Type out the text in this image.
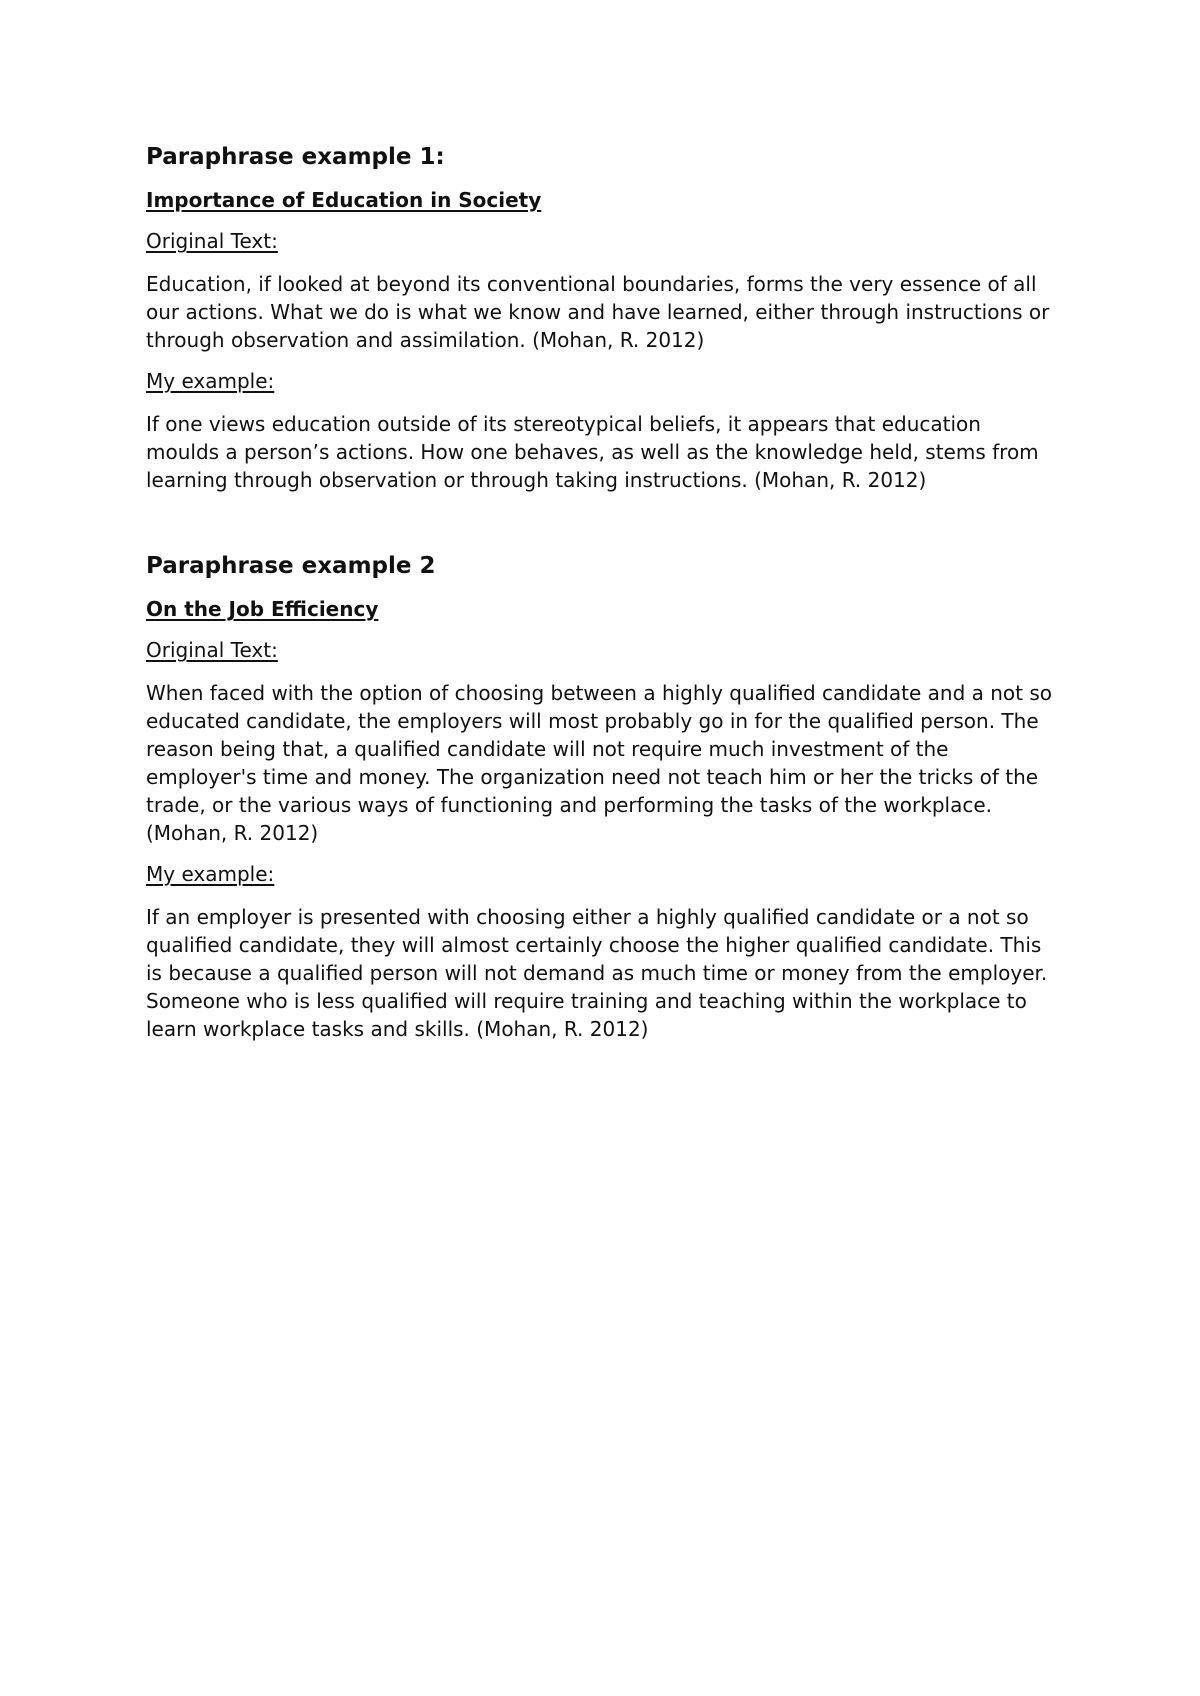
Paraphrase example 1:

Importance of Education in Society

Original Text:

Education, if looked at beyond its conventional boundaries, forms the very essence of all our actions. What we do is what we know and have learned, either through instructions or through observation and assimilation. (Mohan, R. 2012)

My example:

If one views education outside of its stereotypical beliefs, it appears that education moulds a person’s actions. How one behaves, as well as the knowledge held, stems from learning through observation or through taking instructions. (Mohan, R. 2012)

Paraphrase example 2

On the Job Efficiency

Original Text:

When faced with the option of choosing between a highly qualified candidate and a not so educated candidate, the employers will most probably go in for the qualified person. The reason being that, a qualified candidate will not require much investment of the employer's time and money. The organization need not teach him or her the tricks of the trade, or the various ways of functioning and performing the tasks of the workplace. (Mohan, R. 2012)

My example:

If an employer is presented with choosing either a highly qualified candidate or a not so qualified candidate, they will almost certainly choose the higher qualified candidate. This is because a qualified person will not demand as much time or money from the employer. Someone who is less qualified will require training and teaching within the workplace to learn workplace tasks and skills. (Mohan, R. 2012)
